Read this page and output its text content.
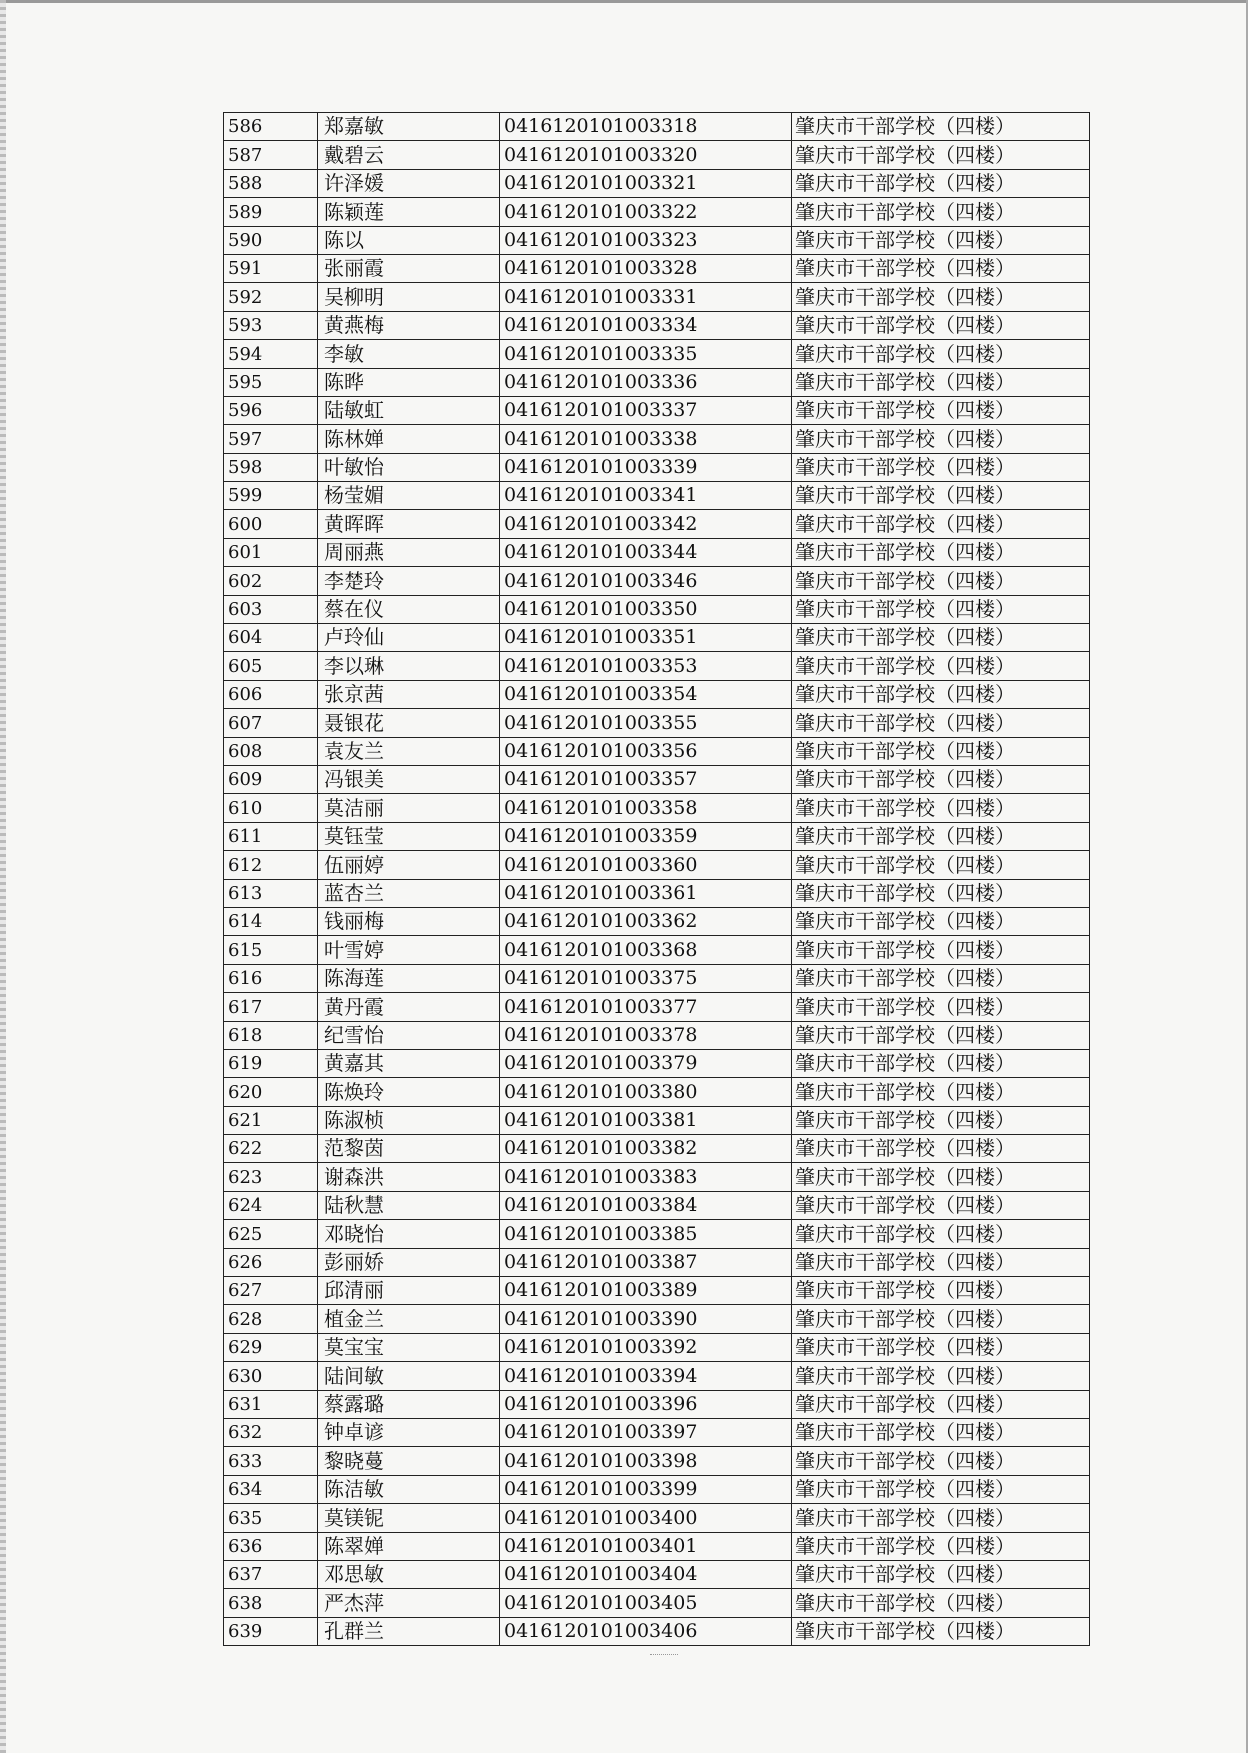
586	郑嘉敏	0416120101003318	肇庆市干部学校（四楼）
587	戴碧云	0416120101003320	肇庆市干部学校（四楼）
588	许泽媛	0416120101003321	肇庆市干部学校（四楼）
589	陈颖莲	0416120101003322	肇庆市干部学校（四楼）
590	陈以	0416120101003323	肇庆市干部学校（四楼）
591	张丽霞	0416120101003328	肇庆市干部学校（四楼）
592	吴柳明	0416120101003331	肇庆市干部学校（四楼）
593	黄燕梅	0416120101003334	肇庆市干部学校（四楼）
594	李敏	0416120101003335	肇庆市干部学校（四楼）
595	陈晔	0416120101003336	肇庆市干部学校（四楼）
596	陆敏虹	0416120101003337	肇庆市干部学校（四楼）
597	陈林婵	0416120101003338	肇庆市干部学校（四楼）
598	叶敏怡	0416120101003339	肇庆市干部学校（四楼）
599	杨莹媚	0416120101003341	肇庆市干部学校（四楼）
600	黄晖晖	0416120101003342	肇庆市干部学校（四楼）
601	周丽燕	0416120101003344	肇庆市干部学校（四楼）
602	李楚玲	0416120101003346	肇庆市干部学校（四楼）
603	蔡在仪	0416120101003350	肇庆市干部学校（四楼）
604	卢玲仙	0416120101003351	肇庆市干部学校（四楼）
605	李以琳	0416120101003353	肇庆市干部学校（四楼）
606	张京茜	0416120101003354	肇庆市干部学校（四楼）
607	聂银花	0416120101003355	肇庆市干部学校（四楼）
608	袁友兰	0416120101003356	肇庆市干部学校（四楼）
609	冯银美	0416120101003357	肇庆市干部学校（四楼）
610	莫洁丽	0416120101003358	肇庆市干部学校（四楼）
611	莫钰莹	0416120101003359	肇庆市干部学校（四楼）
612	伍丽婷	0416120101003360	肇庆市干部学校（四楼）
613	蓝杏兰	0416120101003361	肇庆市干部学校（四楼）
614	钱丽梅	0416120101003362	肇庆市干部学校（四楼）
615	叶雪婷	0416120101003368	肇庆市干部学校（四楼）
616	陈海莲	0416120101003375	肇庆市干部学校（四楼）
617	黄丹霞	0416120101003377	肇庆市干部学校（四楼）
618	纪雪怡	0416120101003378	肇庆市干部学校（四楼）
619	黄嘉其	0416120101003379	肇庆市干部学校（四楼）
620	陈焕玲	0416120101003380	肇庆市干部学校（四楼）
621	陈淑桢	0416120101003381	肇庆市干部学校（四楼）
622	范黎茵	0416120101003382	肇庆市干部学校（四楼）
623	谢森洪	0416120101003383	肇庆市干部学校（四楼）
624	陆秋慧	0416120101003384	肇庆市干部学校（四楼）
625	邓晓怡	0416120101003385	肇庆市干部学校（四楼）
626	彭丽娇	0416120101003387	肇庆市干部学校（四楼）
627	邱清丽	0416120101003389	肇庆市干部学校（四楼）
628	植金兰	0416120101003390	肇庆市干部学校（四楼）
629	莫宝宝	0416120101003392	肇庆市干部学校（四楼）
630	陆间敏	0416120101003394	肇庆市干部学校（四楼）
631	蔡露璐	0416120101003396	肇庆市干部学校（四楼）
632	钟卓谚	0416120101003397	肇庆市干部学校（四楼）
633	黎晓蔓	0416120101003398	肇庆市干部学校（四楼）
634	陈洁敏	0416120101003399	肇庆市干部学校（四楼）
635	莫镁铌	0416120101003400	肇庆市干部学校（四楼）
636	陈翠婵	0416120101003401	肇庆市干部学校（四楼）
637	邓思敏	0416120101003404	肇庆市干部学校（四楼）
638	严杰萍	0416120101003405	肇庆市干部学校（四楼）
639	孔群兰	0416120101003406	肇庆市干部学校（四楼）
